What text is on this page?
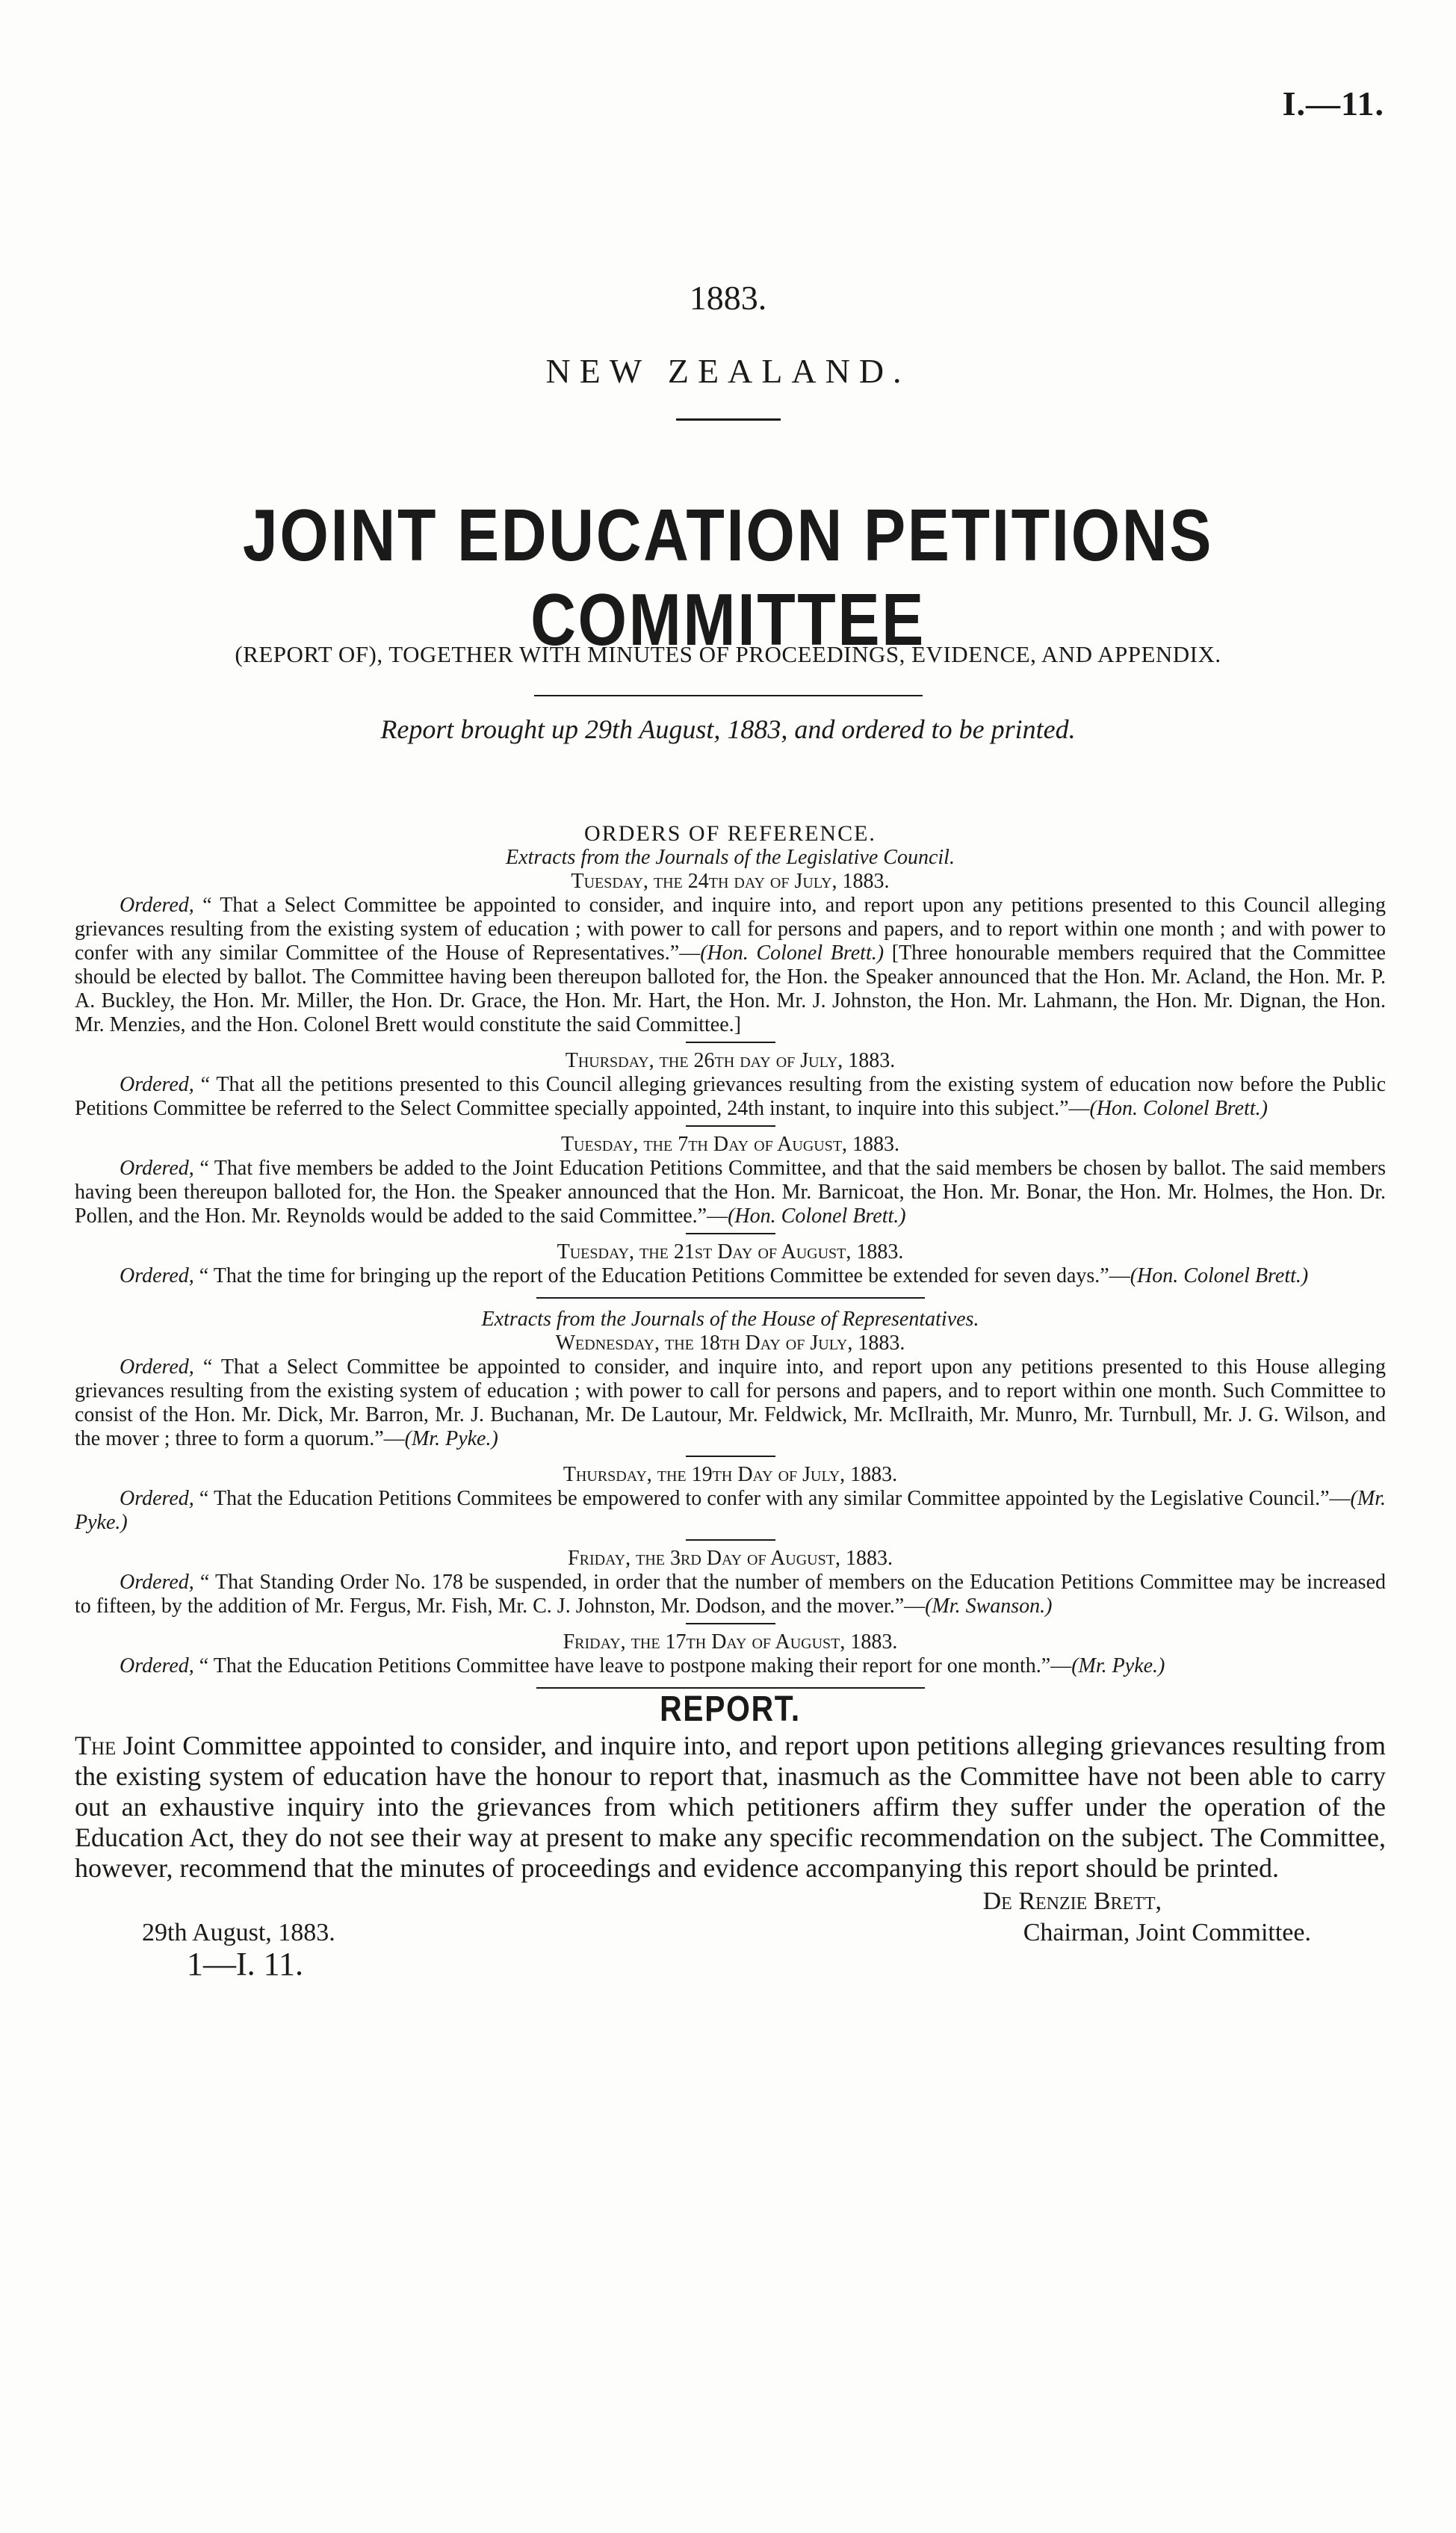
I.—11.
1883.
NEW ZEALAND.
JOINT EDUCATION PETITIONS COMMITTEE
(REPORT OF), TOGETHER WITH MINUTES OF PROCEEDINGS, EVIDENCE, AND APPENDIX.
Report brought up 29th August, 1883, and ordered to be printed.
ORDERS OF REFERENCE.
Extracts from the Journals of the Legislative Council.
Tuesday, the 24th day of July, 1883.

Ordered, “ That a Select Committee be appointed to consider, and inquire into, and report upon any petitions presented to this Council alleging grievances resulting from the existing system of education ; with power to call for persons and papers, and to report within one month ; and with power to confer with any similar Committee of the House of Representatives.”—(Hon. Colonel Brett.) [Three honourable members required that the Committee should be elected by ballot. The Committee having been thereupon balloted for, the Hon. the Speaker announced that the Hon. Mr. Acland, the Hon. Mr. P. A. Buckley, the Hon. Mr. Miller, the Hon. Dr. Grace, the Hon. Mr. Hart, the Hon. Mr. J. Johnston, the Hon. Mr. Lahmann, the Hon. Mr. Dignan, the Hon. Mr. Menzies, and the Hon. Colonel Brett would constitute the said Committee.]

Thursday, the 26th day of July, 1883.

Ordered, “ That all the petitions presented to this Council alleging grievances resulting from the existing system of education now before the Public Petitions Committee be referred to the Select Committee specially appointed, 24th instant, to inquire into this subject.”—(Hon. Colonel Brett.)

Tuesday, the 7th Day of August, 1883.

Ordered, “ That five members be added to the Joint Education Petitions Committee, and that the said members be chosen by ballot. The said members having been thereupon balloted for, the Hon. the Speaker announced that the Hon. Mr. Barnicoat, the Hon. Mr. Bonar, the Hon. Mr. Holmes, the Hon. Dr. Pollen, and the Hon. Mr. Reynolds would be added to the said Committee.”—(Hon. Colonel Brett.)

Tuesday, the 21st Day of August, 1883.

Ordered, “ That the time for bringing up the report of the Education Petitions Committee be extended for seven days.”—(Hon. Colonel Brett.)

Extracts from the Journals of the House of Representatives.
Wednesday, the 18th Day of July, 1883.

Ordered, “ That a Select Committee be appointed to consider, and inquire into, and report upon any petitions presented to this House alleging grievances resulting from the existing system of education ; with power to call for persons and papers, and to report within one month. Such Committee to consist of the Hon. Mr. Dick, Mr. Barron, Mr. J. Buchanan, Mr. De Lautour, Mr. Feldwick, Mr. McIlraith, Mr. Munro, Mr. Turnbull, Mr. J. G. Wilson, and the mover ; three to form a quorum.”—(Mr. Pyke.)

Thursday, the 19th Day of July, 1883.

Ordered, “ That the Education Petitions Commitees be empowered to confer with any similar Committee appointed by the Legislative Council.”—(Mr. Pyke.)

Friday, the 3rd Day of August, 1883.

Ordered, “ That Standing Order No. 178 be suspended, in order that the number of members on the Education Petitions Committee may be increased to fifteen, by the addition of Mr. Fergus, Mr. Fish, Mr. C. J. Johnston, Mr. Dodson, and the mover.”—(Mr. Swanson.)

Friday, the 17th Day of August, 1883.

Ordered, “ That the Education Petitions Committee have leave to postpone making their report for one month.”—(Mr. Pyke.)

REPORT.

The Joint Committee appointed to consider, and inquire into, and report upon petitions alleging grievances resulting from the existing system of education have the honour to report that, inasmuch as the Committee have not been able to carry out an exhaustive inquiry into the grievances from which petitioners affirm they suffer under the operation of the Education Act, they do not see their way at present to make any specific recommendation on the subject. The Committee, however, recommend that the minutes of proceedings and evidence accompanying this report should be printed.

De Renzie Brett,
Chairman, Joint Committee.
29th August, 1883.
1—I. 11.
